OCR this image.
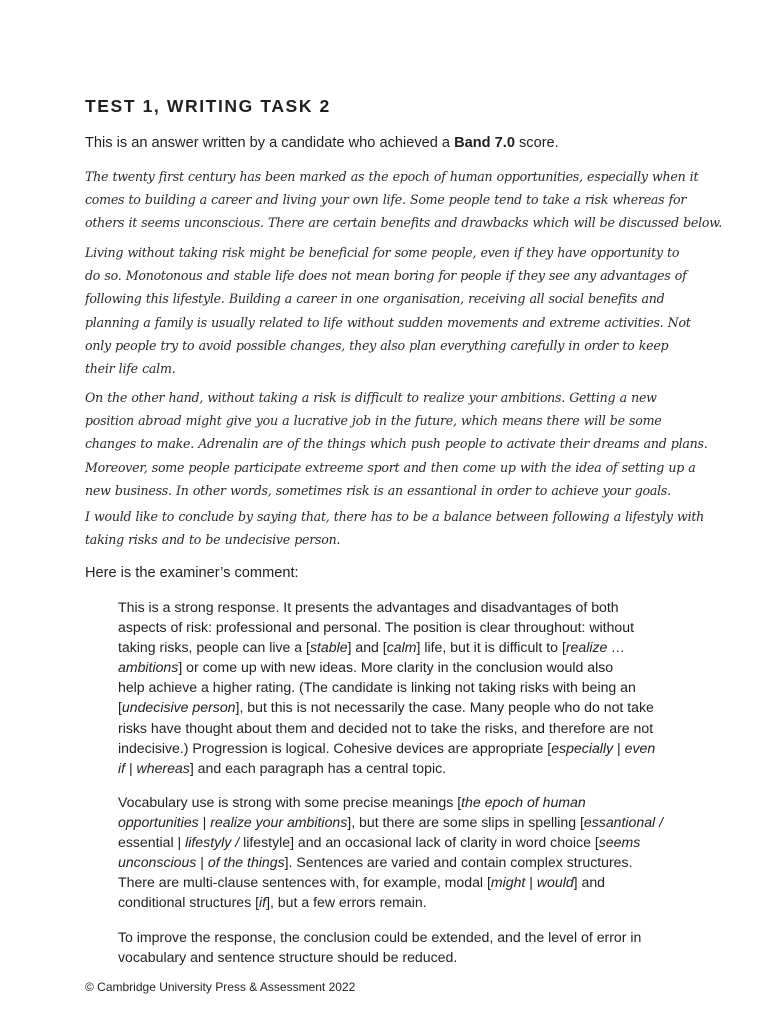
TEST 1, WRITING TASK 2
This is an answer written by a candidate who achieved a Band 7.0 score.
The twenty first century has been marked as the epoch of human opportunities, especially when it
comes to building a career and living your own life. Some people tend to take a risk whereas for
others it seems unconscious. There are certain benefits and drawbacks which will be discussed below.
Living without taking risk might be beneficial for some people, even if they have opportunity to
do so. Monotonous and stable life does not mean boring for people if they see any advantages of
following this lifestyle. Building a career in one organisation, receiving all social benefits and
planning a family is usually related to life without sudden movements and extreme activities. Not
only people try to avoid possible changes, they also plan everything carefully in order to keep
their life calm.
On the other hand, without taking a risk is difficult to realize your ambitions. Getting a new
position abroad might give you a lucrative job in the future, which means there will be some
changes to make. Adrenalin are of the things which push people to activate their dreams and plans.
Moreover, some people participate extreeme sport and then come up with the idea of setting up a
new business. In other words, sometimes risk is an essantional in order to achieve your goals.
I would like to conclude by saying that, there has to be a balance between following a lifestyly with
taking risks and to be undecisive person.
Here is the examiner’s comment:
This is a strong response. It presents the advantages and disadvantages of both
aspects of risk: professional and personal. The position is clear throughout: without
taking risks, people can live a [stable] and [calm] life, but it is difficult to [realize …
ambitions] or come up with new ideas. More clarity in the conclusion would also
help achieve a higher rating. (The candidate is linking not taking risks with being an
[undecisive person], but this is not necessarily the case. Many people who do not take
risks have thought about them and decided not to take the risks, and therefore are not
indecisive.) Progression is logical. Cohesive devices are appropriate [especially | even
if | whereas] and each paragraph has a central topic.
Vocabulary use is strong with some precise meanings [the epoch of human
opportunities | realize your ambitions], but there are some slips in spelling [essantional /
essential | lifestyly / lifestyle] and an occasional lack of clarity in word choice [seems
unconscious | of the things]. Sentences are varied and contain complex structures.
There are multi-clause sentences with, for example, modal [might | would] and
conditional structures [if], but a few errors remain.
To improve the response, the conclusion could be extended, and the level of error in
vocabulary and sentence structure should be reduced.
© Cambridge University Press & Assessment 2022
